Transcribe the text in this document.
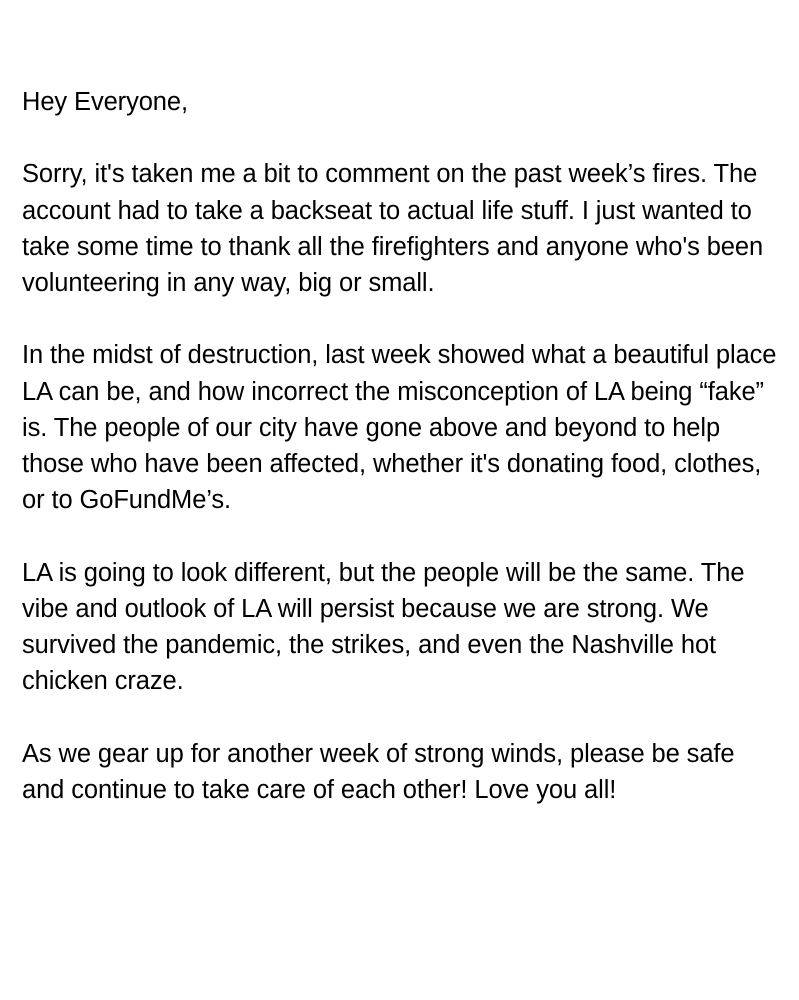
Hey Everyone,

Sorry, it's taken me a bit to comment on the past week’s fires. The account had to take a backseat to actual life stuff. I just wanted to take some time to thank all the firefighters and anyone who's been volunteering in any way, big or small.

In the midst of destruction, last week showed what a beautiful place LA can be, and how incorrect the misconception of LA being “fake” is. The people of our city have gone above and beyond to help those who have been affected, whether it's donating food, clothes, or to GoFundMe’s.

LA is going to look different, but the people will be the same. The vibe and outlook of LA will persist because we are strong. We survived the pandemic, the strikes, and even the Nashville hot chicken craze.

As we gear up for another week of strong winds, please be safe and continue to take care of each other! Love you all!
